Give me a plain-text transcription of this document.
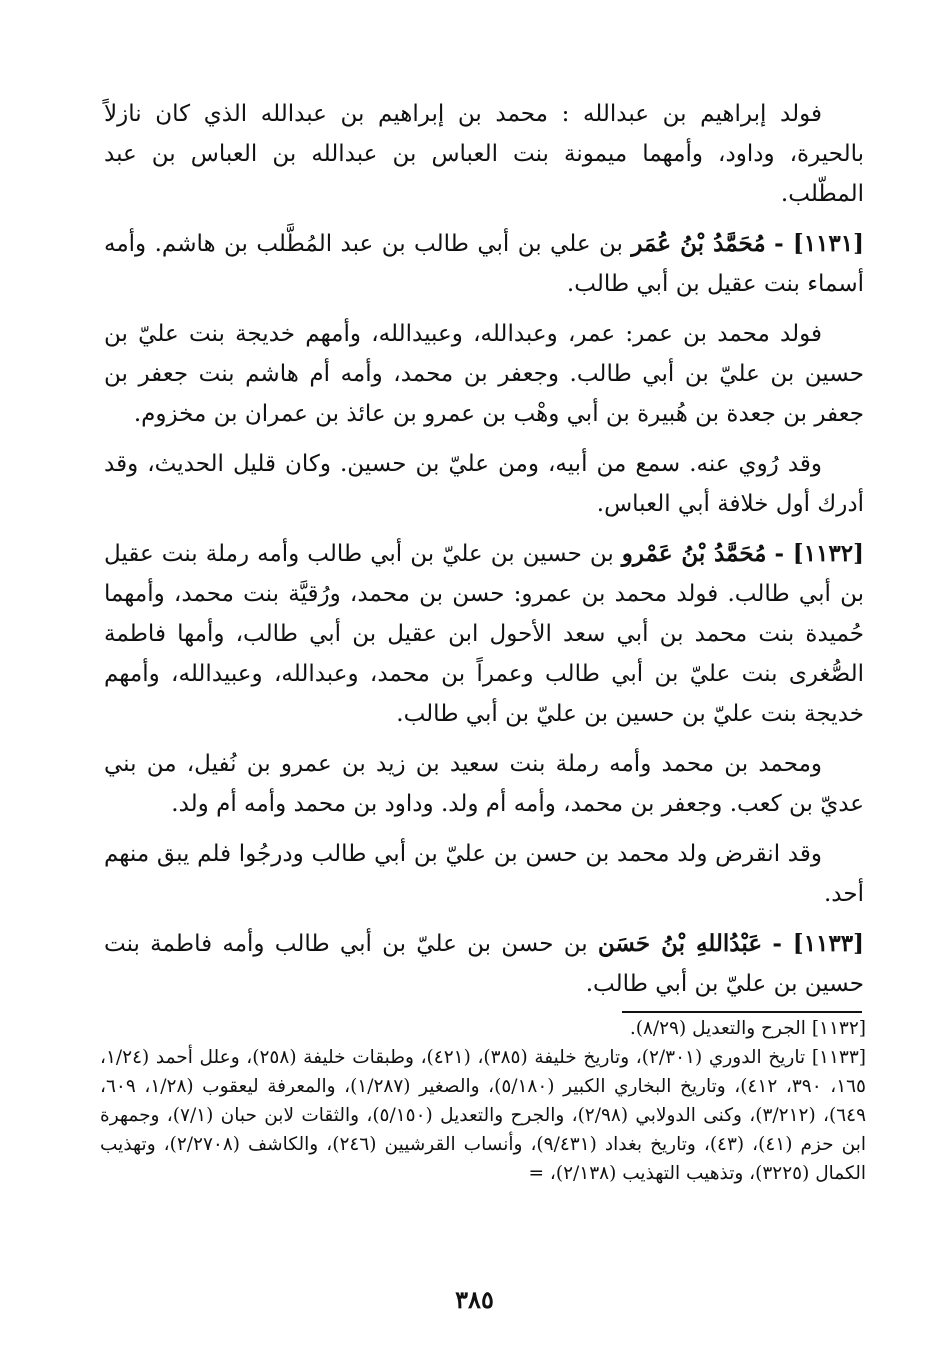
فولد إبراهيم بن عبدالله : محمد بن إبراهيم بن عبدالله الذي كان نازلاً بالحيرة، وداود، وأمهما ميمونة بنت العباس بن عبدالله بن العباس بن عبد المطّلب.

[١١٣١] - مُحَمَّدُ بْنُ عُمَر بن علي بن أبي طالب بن عبد المُطَّلب بن هاشم. وأمه أسماء بنت عقيل بن أبي طالب.

فولد محمد بن عمر: عمر، وعبدالله، وعبيدالله، وأمهم خديجة بنت عليّ بن حسين بن عليّ بن أبي طالب. وجعفر بن محمد، وأمه أم هاشم بنت جعفر بن جعفر بن جعدة بن هُبيرة بن أبي وهْب بن عمرو بن عائذ بن عمران بن مخزوم.

وقد رُوي عنه. سمع من أبيه، ومن عليّ بن حسين. وكان قليل الحديث، وقد أدرك أول خلافة أبي العباس.

[١١٣٢] - مُحَمَّدُ بْنُ عَمْرو بن حسين بن عليّ بن أبي طالب وأمه رملة بنت عقيل بن أبي طالب. فولد محمد بن عمرو: حسن بن محمد، ورُقيَّة بنت محمد، وأمهما حُميدة بنت محمد بن أبي سعد الأحول ابن عقيل بن أبي طالب، وأمها فاطمة الصُّغرى بنت عليّ بن أبي طالب وعمراً بن محمد، وعبدالله، وعبيدالله، وأمهم خديجة بنت عليّ بن حسين بن عليّ بن أبي طالب.

ومحمد بن محمد وأمه رملة بنت سعيد بن زيد بن عمرو بن نُفيل، من بني عديّ بن كعب. وجعفر بن محمد، وأمه أم ولد. وداود بن محمد وأمه أم ولد.

وقد انقرض ولد محمد بن حسن بن عليّ بن أبي طالب ودرجُوا فلم يبق منهم أحد.

[١١٣٣] - عَبْدُاللهِ بْنُ حَسَن بن حسن بن عليّ بن أبي طالب وأمه فاطمة بنت حسين بن عليّ بن أبي طالب.

[١١٣٢] الجرح والتعديل (٨/٢٩).

[١١٣٣] تاريخ الدوري (٢/٣٠١)، وتاريخ خليفة (٣٨٥)، (٤٢١)، وطبقات خليفة (٢٥٨)، وعلل أحمد (١/٢٤، ١٦٥، ٣٩٠، ٤١٢)، وتاريخ البخاري الكبير (٥/١٨٠)، والصغير (١/٢٨٧)، والمعرفة ليعقوب (١/٢٨، ٦٠٩، ٦٤٩)، (٣/٢١٢)، وكنى الدولابي (٢/٩٨)، والجرح والتعديل (٥/١٥٠)، والثقات لابن حبان (٧/١)، وجمهرة ابن حزم (٤١)، (٤٣)، وتاريخ بغداد (٩/٤٣١)، وأنساب القرشيين (٢٤٦)، والكاشف (٢/٢٧٠٨)، وتهذيب الكمال (٣٢٢٥)، وتذهيب التهذيب (٢/١٣٨)، =

٣٨٥
